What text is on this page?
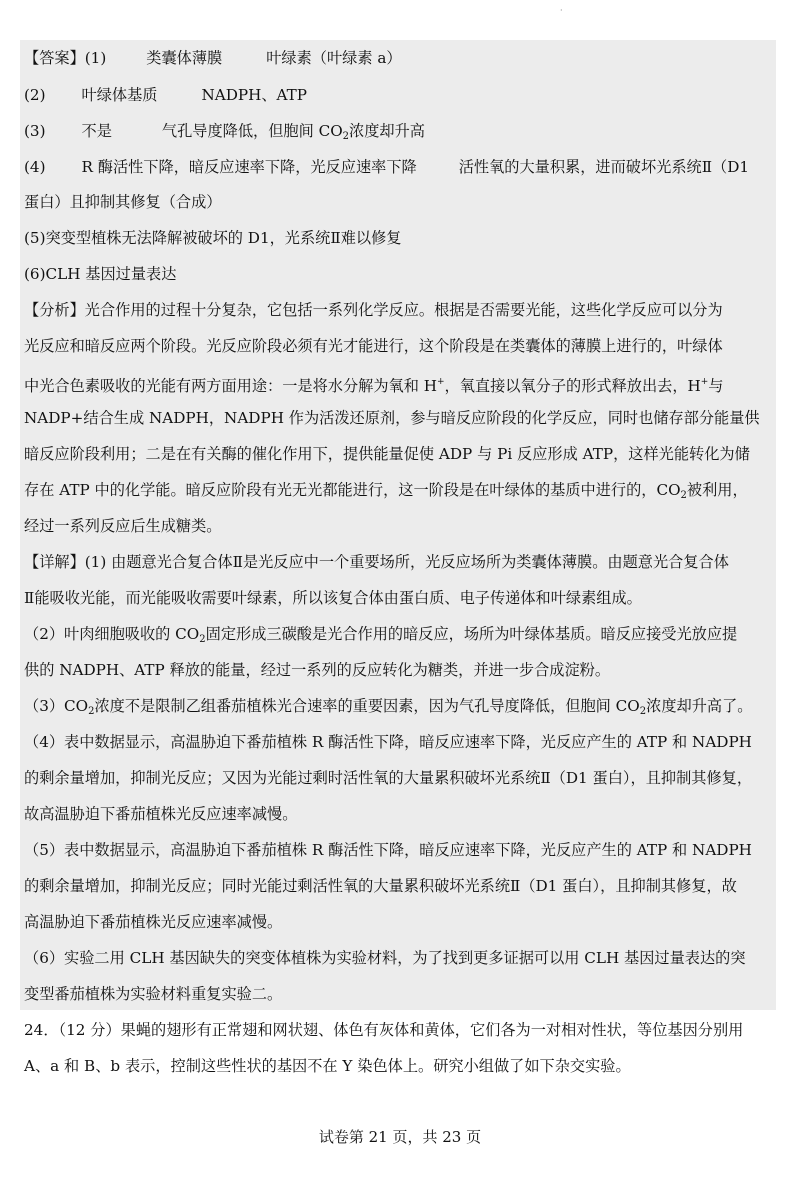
·
【答案】(1)	类囊体薄膜	叶绿素（叶绿素 a）
(2) 叶绿体基质	NADPH、ATP
(3) 不是	气孔导度降低，但胞间 $CO_2$浓度却升高
(4) R 酶活性下降，暗反应速率下降，光反应速率下降	活性氧的大量积累，进而破坏光系统Ⅱ（D1
蛋白）且抑制其修复（合成）
(5)突变型植株无法降解被破坏的 D1，光系统Ⅱ难以修复
(6)CLH 基因过量表达
【分析】光合作用的过程十分复杂，它包括一系列化学反应。根据是否需要光能，这些化学反应可以分为
光反应和暗反应两个阶段。光反应阶段必须有光才能进行，这个阶段是在类囊体的薄膜上进行的，叶绿体
中光合色素吸收的光能有两方面用途：一是将水分解为氧和 H+，氧直接以氧分子的形式释放出去，H+与
NADP+结合生成 NADPH，NADPH 作为活泼还原剂，参与暗反应阶段的化学反应，同时也储存部分能量供
暗反应阶段利用；二是在有关酶的催化作用下，提供能量促使 ADP 与 Pi 反应形成 ATP，这样光能转化为储
存在 ATP 中的化学能。暗反应阶段有光无光都能进行，这一阶段是在叶绿体的基质中进行的，$CO_2$被利用，
经过一系列反应后生成糖类。
【详解】(1) 由题意光合复合体Ⅱ是光反应中一个重要场所，光反应场所为类囊体薄膜。由题意光合复合体
Ⅱ能吸收光能，而光能吸收需要叶绿素，所以该复合体由蛋白质、电子传递体和叶绿素组成。
（2）叶肉细胞吸收的 $CO_2$固定形成三碳酸是光合作用的暗反应，场所为叶绿体基质。暗反应接受光放应提
供的 NADPH、ATP 释放的能量，经过一系列的反应转化为糖类，并进一步合成淀粉。
$(3)CO_2$浓度不是限制乙组番茄植株光合速率的重要因素，因为气孔导度降低，但胞间 $CO_2$浓度却升高了。
（4）表中数据显示，高温胁迫下番茄植株 R 酶活性下降，暗反应速率下降，光反应产生的 ATP 和 NADPH
的剩余量增加，抑制光反应；又因为光能过剩时活性氧的大量累积破坏光系统Ⅱ（D1 蛋白），且抑制其修复，
故高温胁迫下番茄植株光反应速率减慢。
（5）表中数据显示，高温胁迫下番茄植株 R 酶活性下降，暗反应速率下降，光反应产生的 ATP 和 NADPH
的剩余量增加，抑制光反应；同时光能过剩活性氧的大量累积破坏光系统Ⅱ（D1 蛋白），且抑制其修复，故
高温胁迫下番茄植株光反应速率减慢。
（6）实验二用 CLH 基因缺失的突变体植株为实验材料，为了找到更多证据可以用 CLH 基因过量表达的突
变型番茄植株为实验材料重复实验二。
24．（12 分）果蝇的翅形有正常翅和网状翅、体色有灰体和黄体，它们各为一对相对性状，等位基因分别用
A、a 和 B、b 表示，控制这些性状的基因不在 Y 染色体上。研究小组做了如下杂交实验。
试卷第 21 页，共 23 页
